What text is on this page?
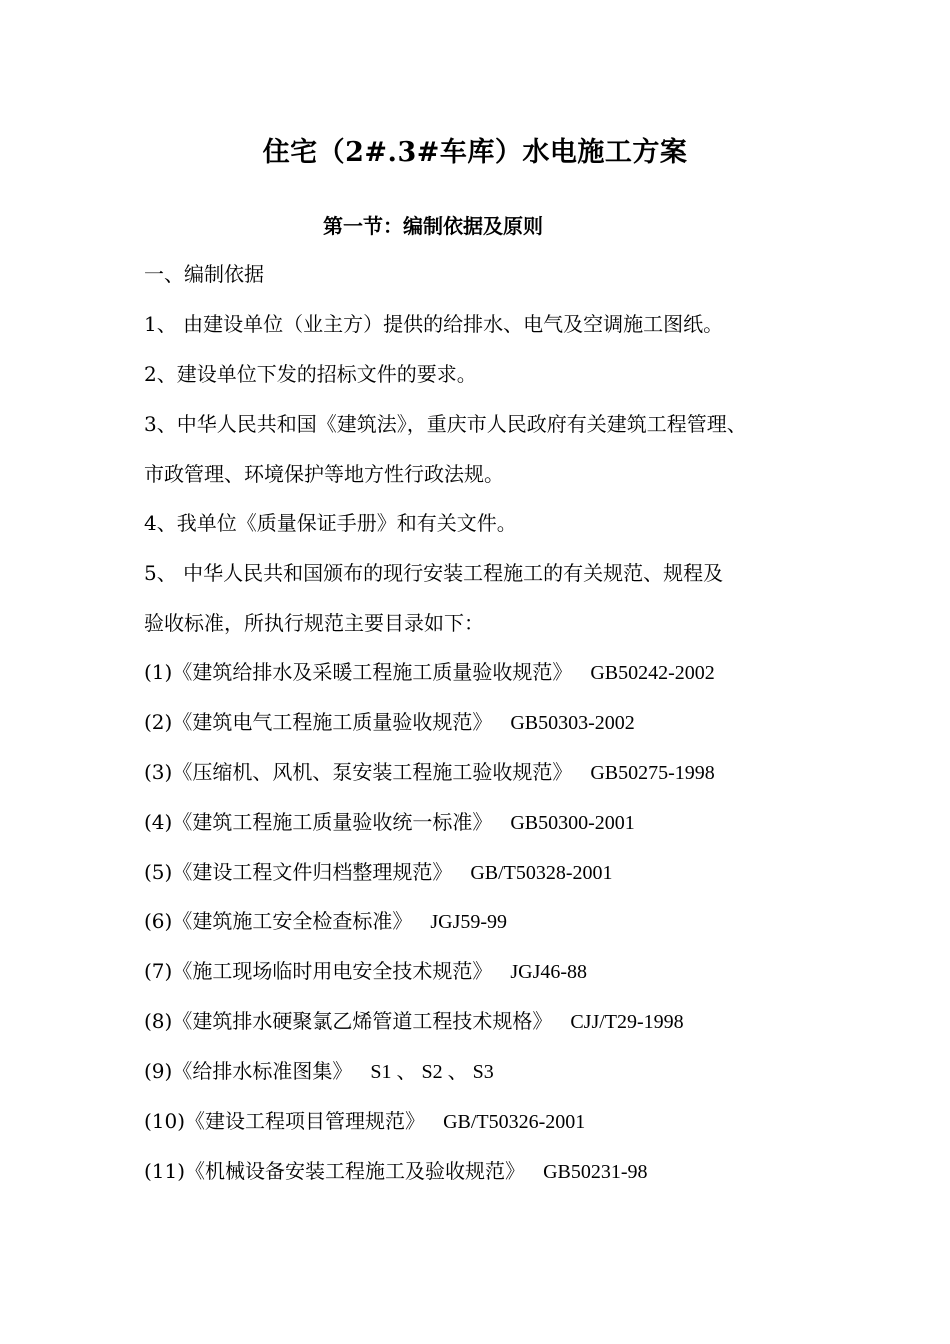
住宅（2#.3#车库）水电施工方案
第一节：编制依据及原则
一、编制依据
1、 由建设单位（业主方）提供的给排水、电气及空调施工图纸。
2、建设单位下发的招标文件的要求。
3、中华人民共和国《建筑法》，重庆市人民政府有关建筑工程管理、
市政管理、环境保护等地方性行政法规。
4、我单位《质量保证手册》和有关文件。
5、 中华人民共和国颁布的现行安装工程施工的有关规范、规程及
验收标准，所执行规范主要目录如下：
(1)《建筑给排水及采暖工程施工质量验收规范》 GB50242-2002
(2)《建筑电气工程施工质量验收规范》 GB50303-2002
(3)《压缩机、风机、泵安装工程施工验收规范》 GB50275-1998
(4)《建筑工程施工质量验收统一标准》 GB50300-2001
(5)《建设工程文件归档整理规范》 GB/T50328-2001
(6)《建筑施工安全检查标准》 JGJ59-99
(7)《施工现场临时用电安全技术规范》 JGJ46-88
(8)《建筑排水硬聚氯乙烯管道工程技术规格》 CJJ/T29-1998
(9)《给排水标准图集》 S1 、 S2 、 S3
(10)《建设工程项目管理规范》 GB/T50326-2001
(11)《机械设备安装工程施工及验收规范》 GB50231-98
